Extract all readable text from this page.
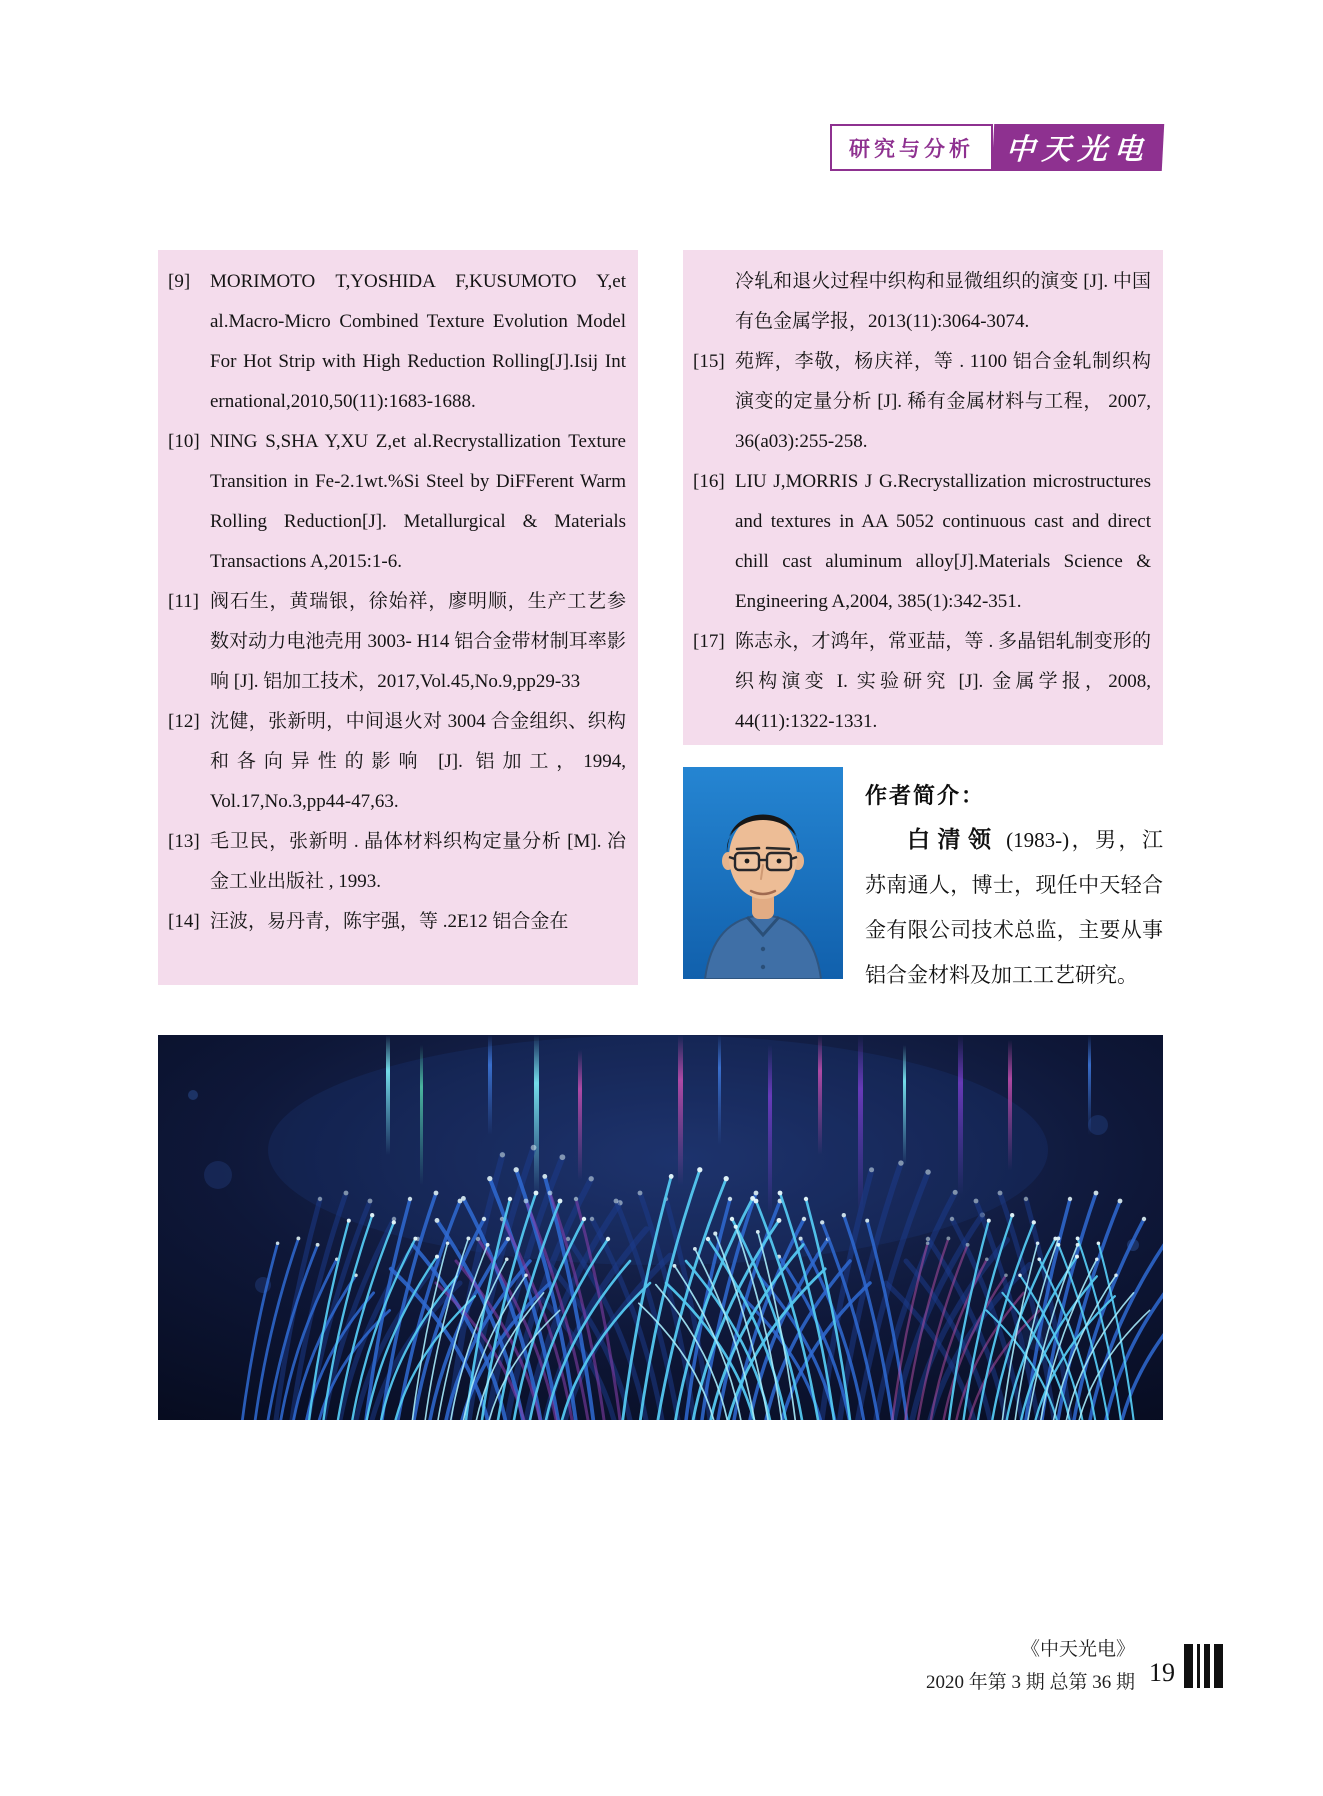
研究与分析	中天光电
[9] MORIMOTO T,YOSHIDA F,KUSUMOTO Y,et al.Macro-Micro Combined Texture Evolution Model For Hot Strip with High Reduction Rolling[J].Isij Int ernational,2010,50(11):1683-1688.
[10] NING S,SHA Y,XU Z,et al.Recrystallization Texture Transition in Fe-2.1wt.%Si Steel by DiFFerent Warm Rolling Reduction[J]. Metallurgical & Materials Transactions A,2015:1-6.
[11] 阀石生，黄瑞银，徐始祥，廖明顺，生产工艺参数对动力电池壳用 3003- H14 铝合金带材制耳率影响 [J]. 铝加工技术，2017,Vol.45,No.9,pp29-33
[12] 沈健，张新明，中间退火对 3004 合金组织、织构和各向异性的影响 [J]. 铝加工，1994, Vol.17,No.3,pp44-47,63.
[13] 毛卫民，张新明 . 晶体材料织构定量分析 [M]. 冶金工业出版社 , 1993.
[14] 汪波，易丹青，陈宇强，等 .2E12 铝合金在
冷轧和退火过程中织构和显微组织的演变 [J]. 中国有色金属学报，2013(11):3064-3074.
[15] 苑辉，李敬，杨庆祥，等 . 1100 铝合金轧制织构演变的定量分析 [J]. 稀有金属材料与工程， 2007, 36(a03):255-258.
[16] LIU J,MORRIS J G.Recrystallization microstructures and textures in AA 5052 continuous cast and direct chill cast aluminum alloy[J].Materials Science & Engineering A,2004, 385(1):342-351.
[17] 陈志永，才鸿年，常亚喆，等 . 多晶铝轧制变形的织构演变 I. 实验研究 [J]. 金属学报，2008, 44(11):1322-1331.
作者简介：

白清领 (1983-)，男，江苏南通人，博士，现任中天轻合金有限公司技术总监，主要从事铝合金材料及加工工艺研究。

《中天光电》
2020 年第 3 期 总第 36 期 19
